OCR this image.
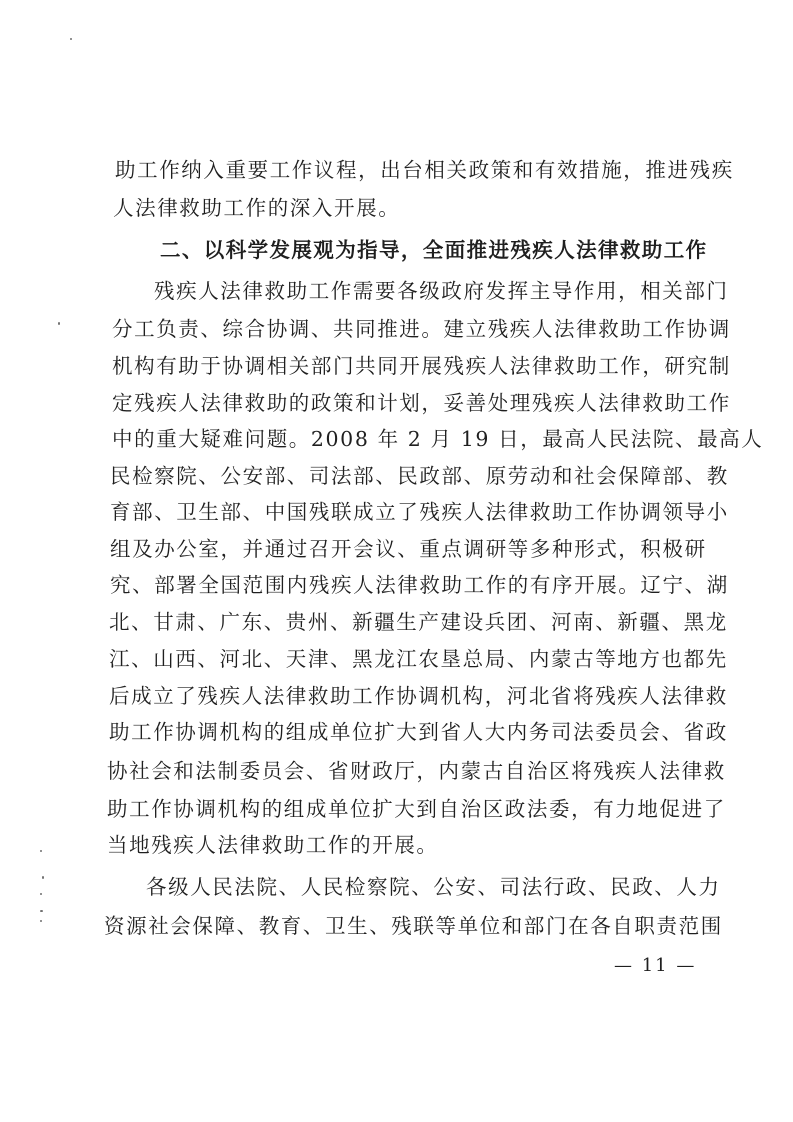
助工作纳入重要工作议程，出台相关政策和有效措施，推进残疾
人法律救助工作的深入开展。
二、以科学发展观为指导，全面推进残疾人法律救助工作
残疾人法律救助工作需要各级政府发挥主导作用，相关部门
分工负责、综合协调、共同推进。建立残疾人法律救助工作协调
机构有助于协调相关部门共同开展残疾人法律救助工作，研究制
定残疾人法律救助的政策和计划，妥善处理残疾人法律救助工作
中的重大疑难问题。2008 年 2 月 19 日，最高人民法院、最高人
民检察院、公安部、司法部、民政部、原劳动和社会保障部、教
育部、卫生部、中国残联成立了残疾人法律救助工作协调领导小
组及办公室，并通过召开会议、重点调研等多种形式，积极研
究、部署全国范围内残疾人法律救助工作的有序开展。辽宁、湖
北、甘肃、广东、贵州、新疆生产建设兵团、河南、新疆、黑龙
江、山西、河北、天津、黑龙江农垦总局、内蒙古等地方也都先
后成立了残疾人法律救助工作协调机构，河北省将残疾人法律救
助工作协调机构的组成单位扩大到省人大内务司法委员会、省政
协社会和法制委员会、省财政厅，内蒙古自治区将残疾人法律救
助工作协调机构的组成单位扩大到自治区政法委，有力地促进了
当地残疾人法律救助工作的开展。
各级人民法院、人民检察院、公安、司法行政、民政、人力
资源社会保障、教育、卫生、残联等单位和部门在各自职责范围
— 11 —
